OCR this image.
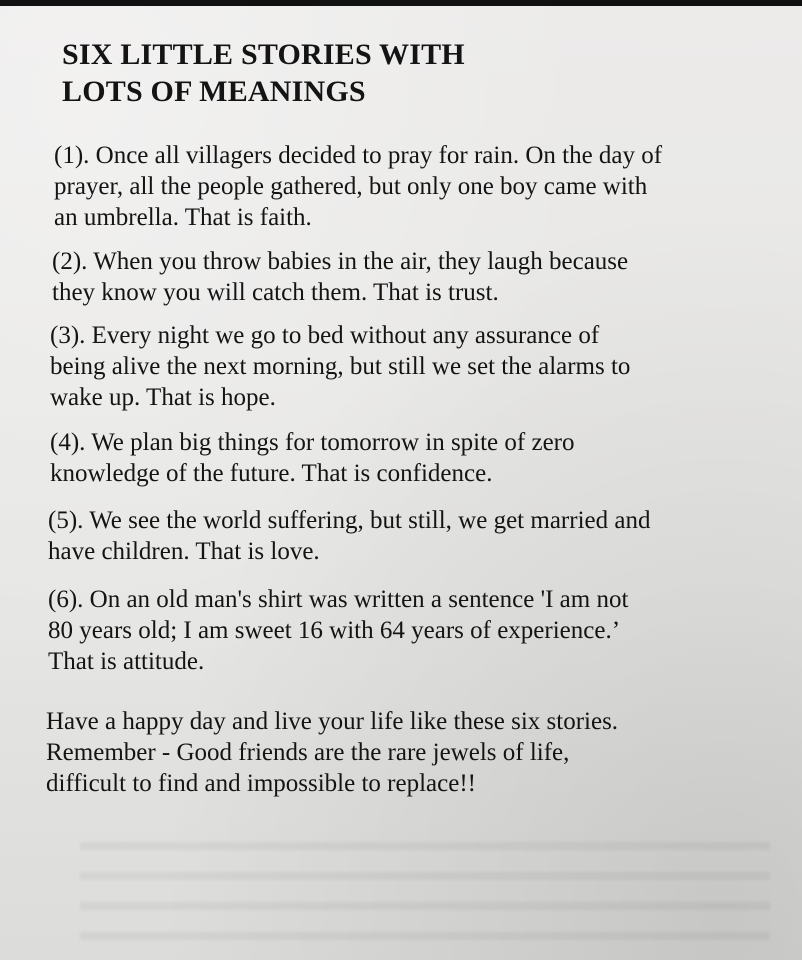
SIX LITTLE STORIES WITH
LOTS OF MEANINGS

(1). Once all villagers decided to pray for rain. On the day of
prayer, all the people gathered, but only one boy came with
an umbrella. That is faith.

(2). When you throw babies in the air, they laugh because
they know you will catch them. That is trust.

(3). Every night we go to bed without any assurance of
being alive the next morning, but still we set the alarms to
wake up. That is hope.

(4). We plan big things for tomorrow in spite of zero
knowledge of the future. That is confidence.

(5). We see the world suffering, but still, we get married and
have children. That is love.

(6). On an old man's shirt was written a sentence 'I am not
80 years old; I am sweet 16 with 64 years of experience.’
That is attitude.

Have a happy day and live your life like these six stories.
Remember - Good friends are the rare jewels of life,
difficult to find and impossible to replace!!
